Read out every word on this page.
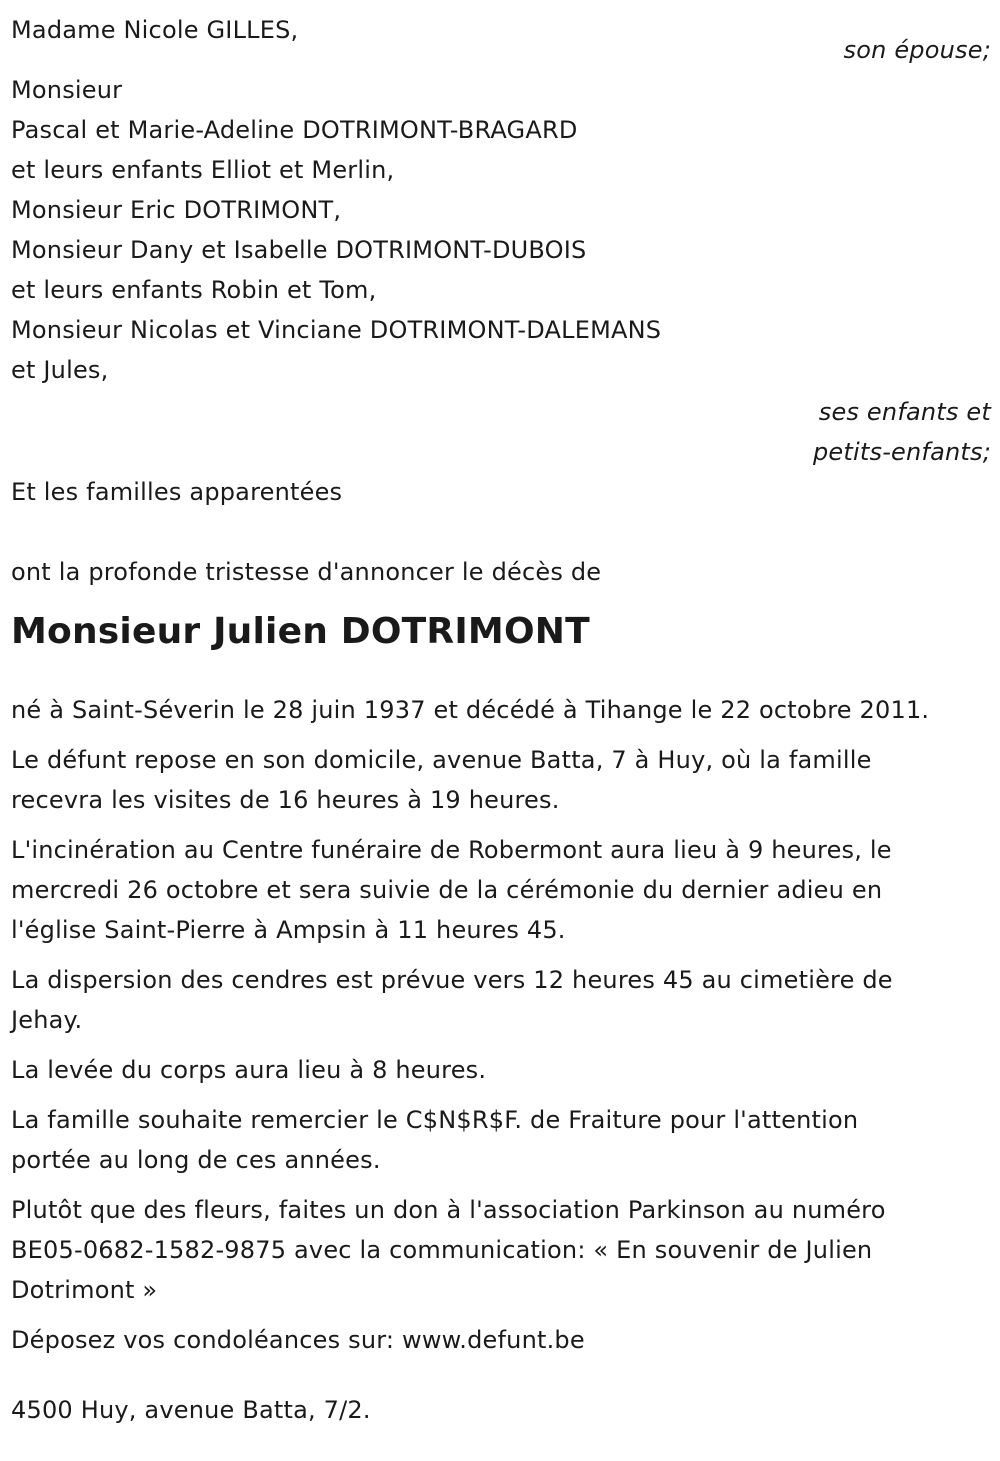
Madame Nicole GILLES,
son épouse;
Monsieur
Pascal et Marie-Adeline DOTRIMONT-BRAGARD
et leurs enfants Elliot et Merlin,
Monsieur Eric DOTRIMONT,
Monsieur Dany et Isabelle DOTRIMONT-DUBOIS
et leurs enfants Robin et Tom,
Monsieur Nicolas et Vinciane DOTRIMONT-DALEMANS
et Jules,
ses enfants et
petits-enfants;
Et les familles apparentées
ont la profonde tristesse d'annoncer le décès de
Monsieur Julien DOTRIMONT
né à Saint-Séverin le 28 juin 1937 et décédé à Tihange le 22 octobre 2011.
Le défunt repose en son domicile, avenue Batta, 7 à Huy, où la famille
recevra les visites de 16 heures à 19 heures.
L'incinération au Centre funéraire de Robermont aura lieu à 9 heures, le
mercredi 26 octobre et sera suivie de la cérémonie du dernier adieu en
l'église Saint-Pierre à Ampsin à 11 heures 45.
La dispersion des cendres est prévue vers 12 heures 45 au cimetière de
Jehay.
La levée du corps aura lieu à 8 heures.
La famille souhaite remercier le C$N$R$F. de Fraiture pour l'attention
portée au long de ces années.
Plutôt que des fleurs, faites un don à l'association Parkinson au numéro
BE05-0682-1582-9875 avec la communication: « En souvenir de Julien
Dotrimont »
Déposez vos condoléances sur: www.defunt.be
4500 Huy, avenue Batta, 7/2.
